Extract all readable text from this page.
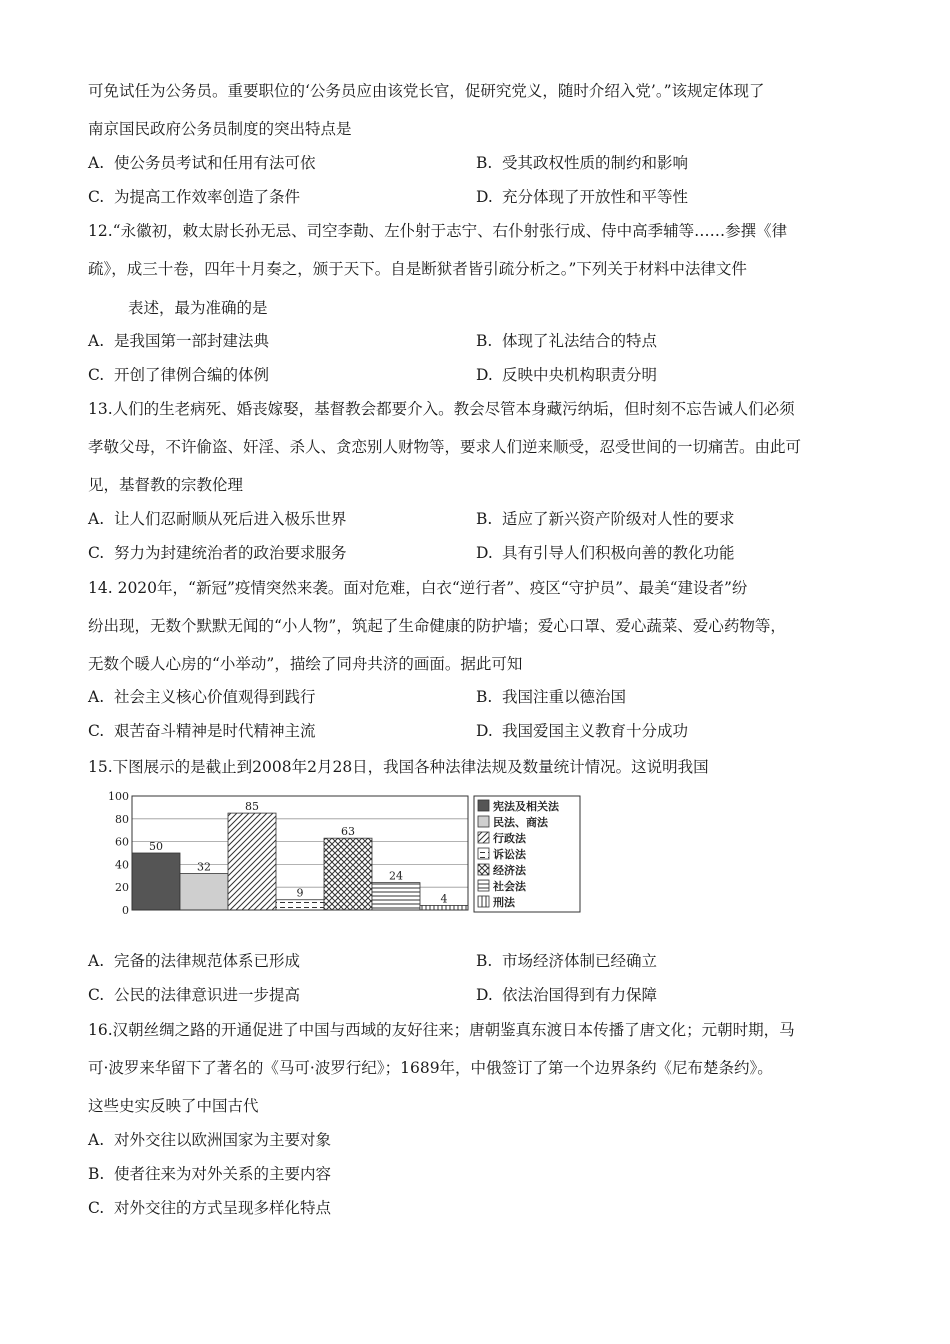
可免试任为公务员。重要职位的‘公务员应由该党长官，促研究党义，随时介绍入党’。”该规定体现了
南京国民政府公务员制度的突出特点是
A. 使公务员考试和任用有法可依	B. 受其政权性质的制约和影响
C. 为提高工作效率创造了条件	D. 充分体现了开放性和平等性
12.“永徽初，敕太尉长孙无忌、司空李勣、左仆射于志宁、右仆射张行成、侍中高季辅等……参撰《律
疏》，成三十卷，四年十月奏之，颁于天下。自是断狱者皆引疏分析之。”下列关于材料中法律文件
表述，最为准确的是
A. 是我国第一部封建法典	B. 体现了礼法结合的特点
C. 开创了律例合编的体例	D. 反映中央机构职责分明
13.人们的生老病死、婚丧嫁娶，基督教会都要介入。教会尽管本身藏污纳垢，但时刻不忘告诫人们必须
孝敬父母，不许偷盗、奸淫、杀人、贪恋别人财物等，要求人们逆来顺受，忍受世间的一切痛苦。由此可
见，基督教的宗教伦理
A. 让人们忍耐顺从死后进入极乐世界	B. 适应了新兴资产阶级对人性的要求
C. 努力为封建统治者的政治要求服务	D. 具有引导人们积极向善的教化功能
14. 2020年，“新冠”疫情突然来袭。面对危难，白衣“逆行者”、疫区“守护员”、最美“建设者”纷
纷出现，无数个默默无闻的“小人物”，筑起了生命健康的防护墙；爱心口罩、爱心蔬菜、爱心药物等，
无数个暖人心房的“小举动”，描绘了同舟共济的画面。据此可知
A. 社会主义核心价值观得到践行	B. 我国注重以德治国
C. 艰苦奋斗精神是时代精神主流	D. 我国爱国主义教育十分成功
15.下图展示的是截止到2008年2月28日，我国各种法律法规及数量统计情况。这说明我国
0
20
40
60
80
100
50
32
85
9
63
24
4
宪法及相关法
民法、商法
行政法
诉讼法
经济法
社会法
刑法
A. 完备的法律规范体系已形成	B. 市场经济体制已经确立
C. 公民的法律意识进一步提高	D. 依法治国得到有力保障
16.汉朝丝绸之路的开通促进了中国与西域的友好往来；唐朝鉴真东渡日本传播了唐文化；元朝时期，马
可·波罗来华留下了著名的《马可·波罗行纪》；1689年，中俄签订了第一个边界条约《尼布楚条约》。
这些史实反映了中国古代
A. 对外交往以欧洲国家为主要对象
B. 使者往来为对外关系的主要内容
C. 对外交往的方式呈现多样化特点
